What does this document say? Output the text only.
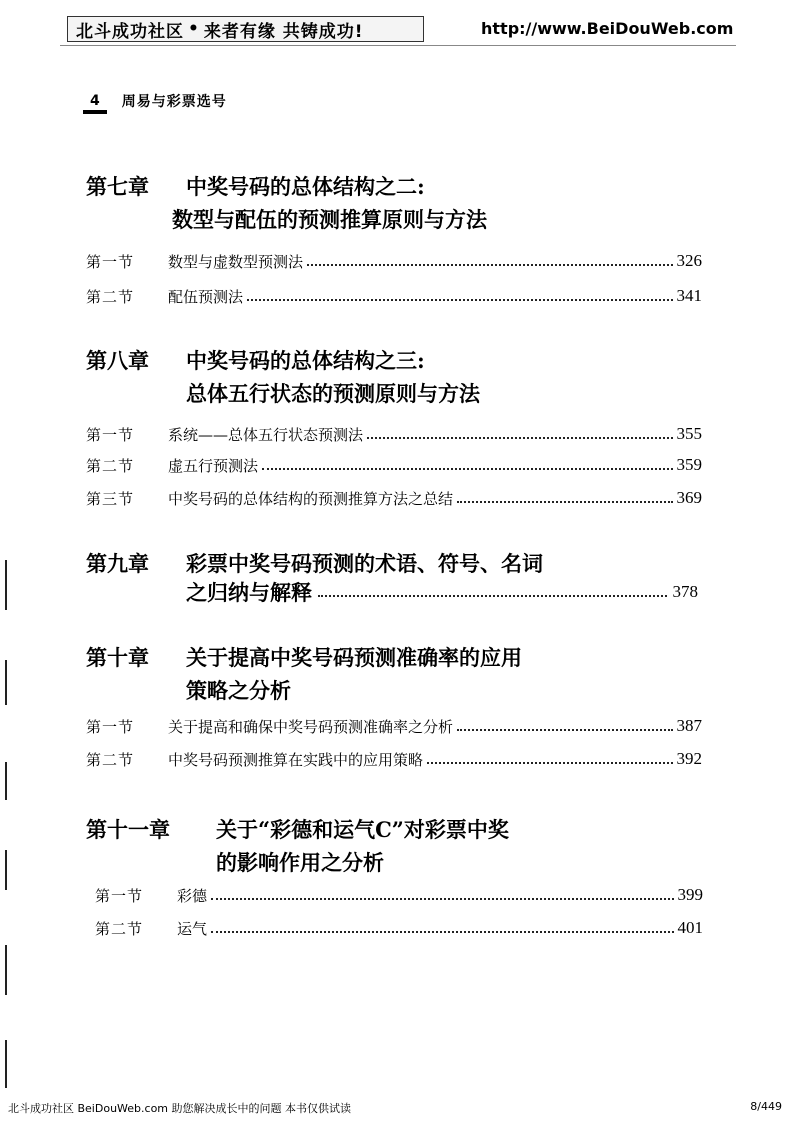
北斗成功社区 • 来者有缘 共铸成功!	http://www.BeiDouWeb.com
4	周易与彩票选号
第七章 中奖号码的总体结构之二:
数型与配伍的预测推算原则与方法
第一节	数型与虚数型预测法	326
第二节	配伍预测法	341
第八章 中奖号码的总体结构之三:
总体五行状态的预测原则与方法
第一节	系统——总体五行状态预测法	355
第二节	虚五行预测法	359
第三节	中奖号码的总体结构的预测推算方法之总结	369
第九章 彩票中奖号码预测的术语、符号、名词
之归纳与解释	378
第十章 关于提高中奖号码预测准确率的应用
策略之分析
第一节	关于提高和确保中奖号码预测准确率之分析	387
第二节	中奖号码预测推算在实践中的应用策略	392
第十一章 关于“彩德和运气C”对彩票中奖
的影响作用之分析
第一节	彩德	399
第二节	运气	401
北斗成功社区 BeiDouWeb.com 助您解决成长中的问题 本书仅供试读	8/449
